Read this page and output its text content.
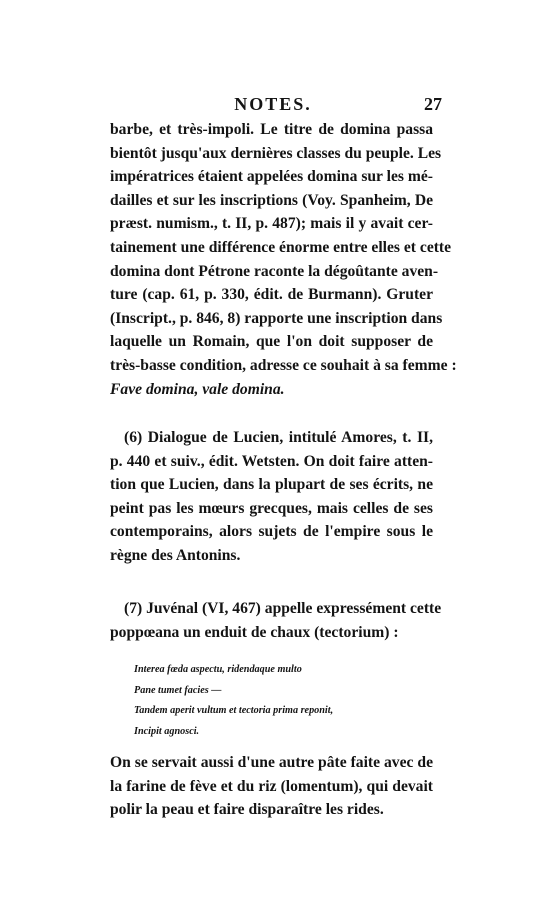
NOTES.	27
barbe, et très-impoli. Le titre de domina passa
bientôt jusqu'aux dernières classes du peuple. Les
impératrices étaient appelées domina sur les mé-
dailles et sur les inscriptions (Voy. Spanheim, De
præst. numism., t. II, p. 487); mais il y avait cer-
tainement une différence énorme entre elles et cette
domina dont Pétrone raconte la dégoûtante aven-
ture (cap. 61, p. 330, édit. de Burmann). Gruter
(Inscript., p. 846, 8) rapporte une inscription dans
laquelle un Romain, que l'on doit supposer de
très-basse condition, adresse ce souhait à sa femme :
Fave domina, vale domina.
(6) Dialogue de Lucien, intitulé Amores, t. II,
p. 440 et suiv., édit. Wetsten. On doit faire atten-
tion que Lucien, dans la plupart de ses écrits, ne
peint pas les mœurs grecques, mais celles de ses
contemporains, alors sujets de l'empire sous le
règne des Antonins.
(7) Juvénal (VI, 467) appelle expressément cette
poppœana un enduit de chaux (tectorium) :
Interea fœda aspectu, ridendaque multo
Pane tumet facies —
Tandem aperit vultum et tectoria prima reponit,
Incipit agnosci.
On se servait aussi d'une autre pâte faite avec de
la farine de fève et du riz (lomentum), qui devait
polir la peau et faire disparaître les rides.
